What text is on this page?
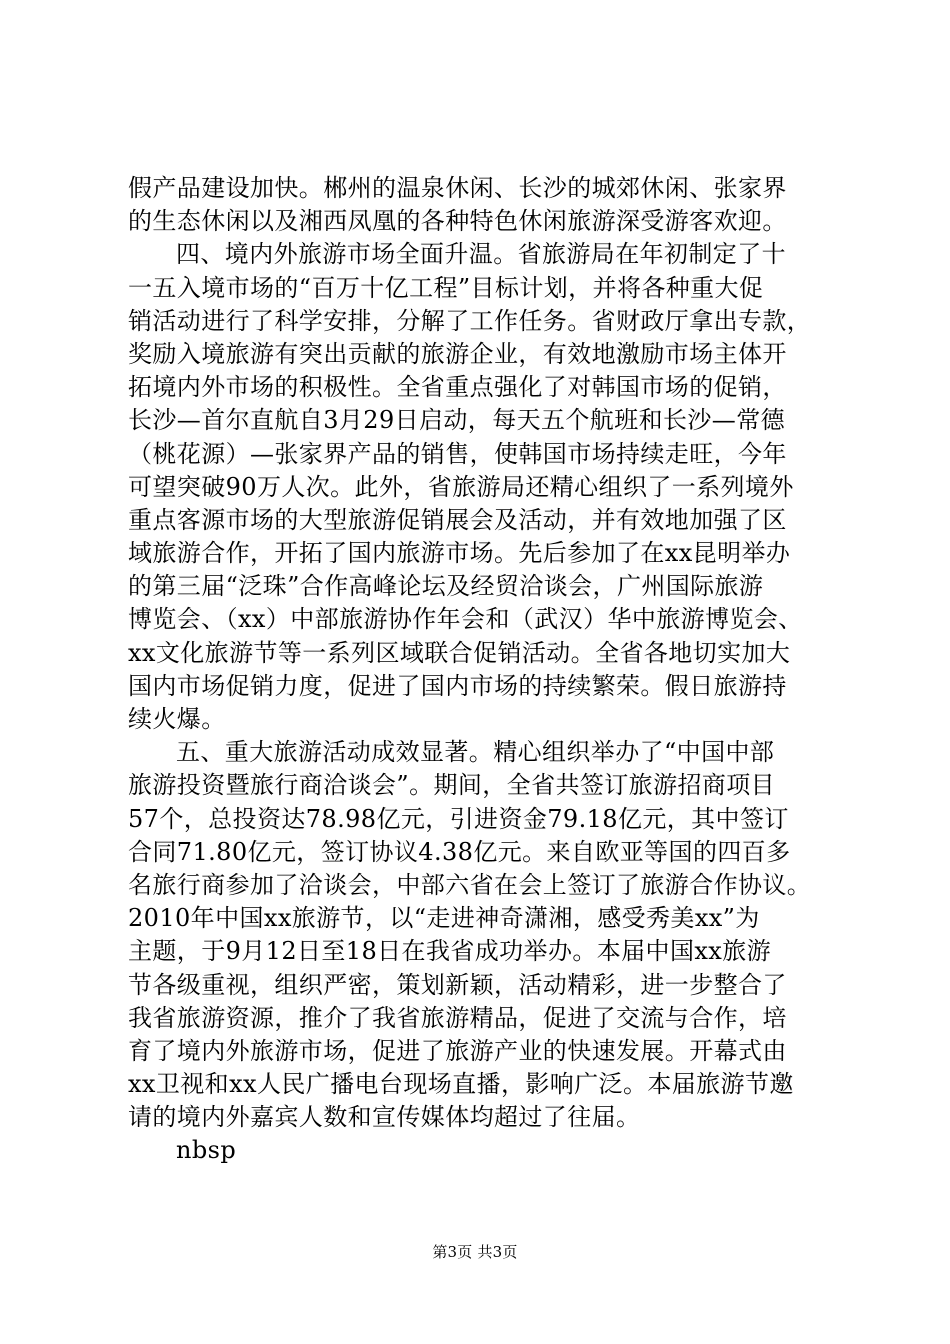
假产品建设加快。郴州的温泉休闲、长沙的城郊休闲、张家界
的生态休闲以及湘西凤凰的各种特色休闲旅游深受游客欢迎。
四、境内外旅游市场全面升温。省旅游局在年初制定了十
一五入境市场的“百万十亿工程”目标计划，并将各种重大促
销活动进行了科学安排，分解了工作任务。省财政厅拿出专款，
奖励入境旅游有突出贡献的旅游企业，有效地激励市场主体开
拓境内外市场的积极性。全省重点强化了对韩国市场的促销，
长沙—首尔直航自3月29日启动，每天五个航班和长沙—常德
（桃花源）—张家界产品的销售，使韩国市场持续走旺，今年
可望突破90万人次。此外，省旅游局还精心组织了一系列境外
重点客源市场的大型旅游促销展会及活动，并有效地加强了区
域旅游合作，开拓了国内旅游市场。先后参加了在xx昆明举办
的第三届“泛珠”合作高峰论坛及经贸洽谈会，广州国际旅游
博览会、（xx）中部旅游协作年会和（武汉）华中旅游博览会、
xx文化旅游节等一系列区域联合促销活动。全省各地切实加大
国内市场促销力度，促进了国内市场的持续繁荣。假日旅游持
续火爆。
五、重大旅游活动成效显著。精心组织举办了“中国中部
旅游投资暨旅行商洽谈会”。期间，全省共签订旅游招商项目
57个，总投资达78.98亿元，引进资金79.18亿元，其中签订
合同71.80亿元，签订协议4.38亿元。来自欧亚等国的四百多
名旅行商参加了洽谈会，中部六省在会上签订了旅游合作协议。
2010年中国xx旅游节，以“走进神奇潇湘，感受秀美xx”为
主题，于9月12日至18日在我省成功举办。本届中国xx旅游
节各级重视，组织严密，策划新颖，活动精彩，进一步整合了
我省旅游资源，推介了我省旅游精品，促进了交流与合作，培
育了境内外旅游市场，促进了旅游产业的快速发展。开幕式由
xx卫视和xx人民广播电台现场直播，影响广泛。本届旅游节邀
请的境内外嘉宾人数和宣传媒体均超过了往届。
nbsp
第3页 共3页
